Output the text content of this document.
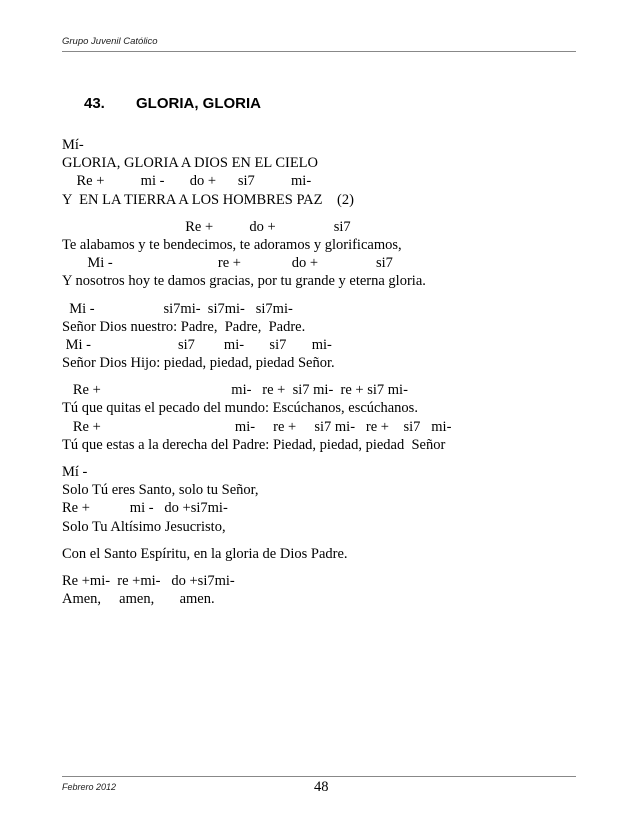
Grupo Juvenil Católico
43. GLORIA, GLORIA
Mí-
GLORIA, GLORIA A DIOS EN EL CIELO
Re +          mi -       do +      si7          mi-
Y  EN LA TIERRA A LOS HOMBRES PAZ    (2)
Re +          do +                si7
Te alabamos y te bendecimos, te adoramos y glorificamos,
Mi -                             re +              do +                si7
Y nosotros hoy te damos gracias, por tu grande y eterna gloria.
Mi -                   si7mi-  si7mi-   si7mi-
Señor Dios nuestro: Padre,  Padre,  Padre.
Mi -                        si7        mi-       si7       mi-
Señor Dios Hijo: piedad, piedad, piedad Señor.
Re +                                    mi-   re +  si7 mi-  re + si7 mi-
Tú que quitas el pecado del mundo: Escúchanos, escúchanos.
Re +                                     mi-     re +     si7 mi-   re +    si7   mi-
Tú que estas a la derecha del Padre: Piedad, piedad, piedad  Señor
Mí -
Solo Tú eres Santo, solo tu Señor,
Re +           mi -   do +si7mi-
Solo Tu Altísimo Jesucristo,
Con el Santo Espíritu, en la gloria de Dios Padre.
Re +mi-  re +mi-   do +si7mi-
Amen,     amen,       amen.
Febrero 2012	48
